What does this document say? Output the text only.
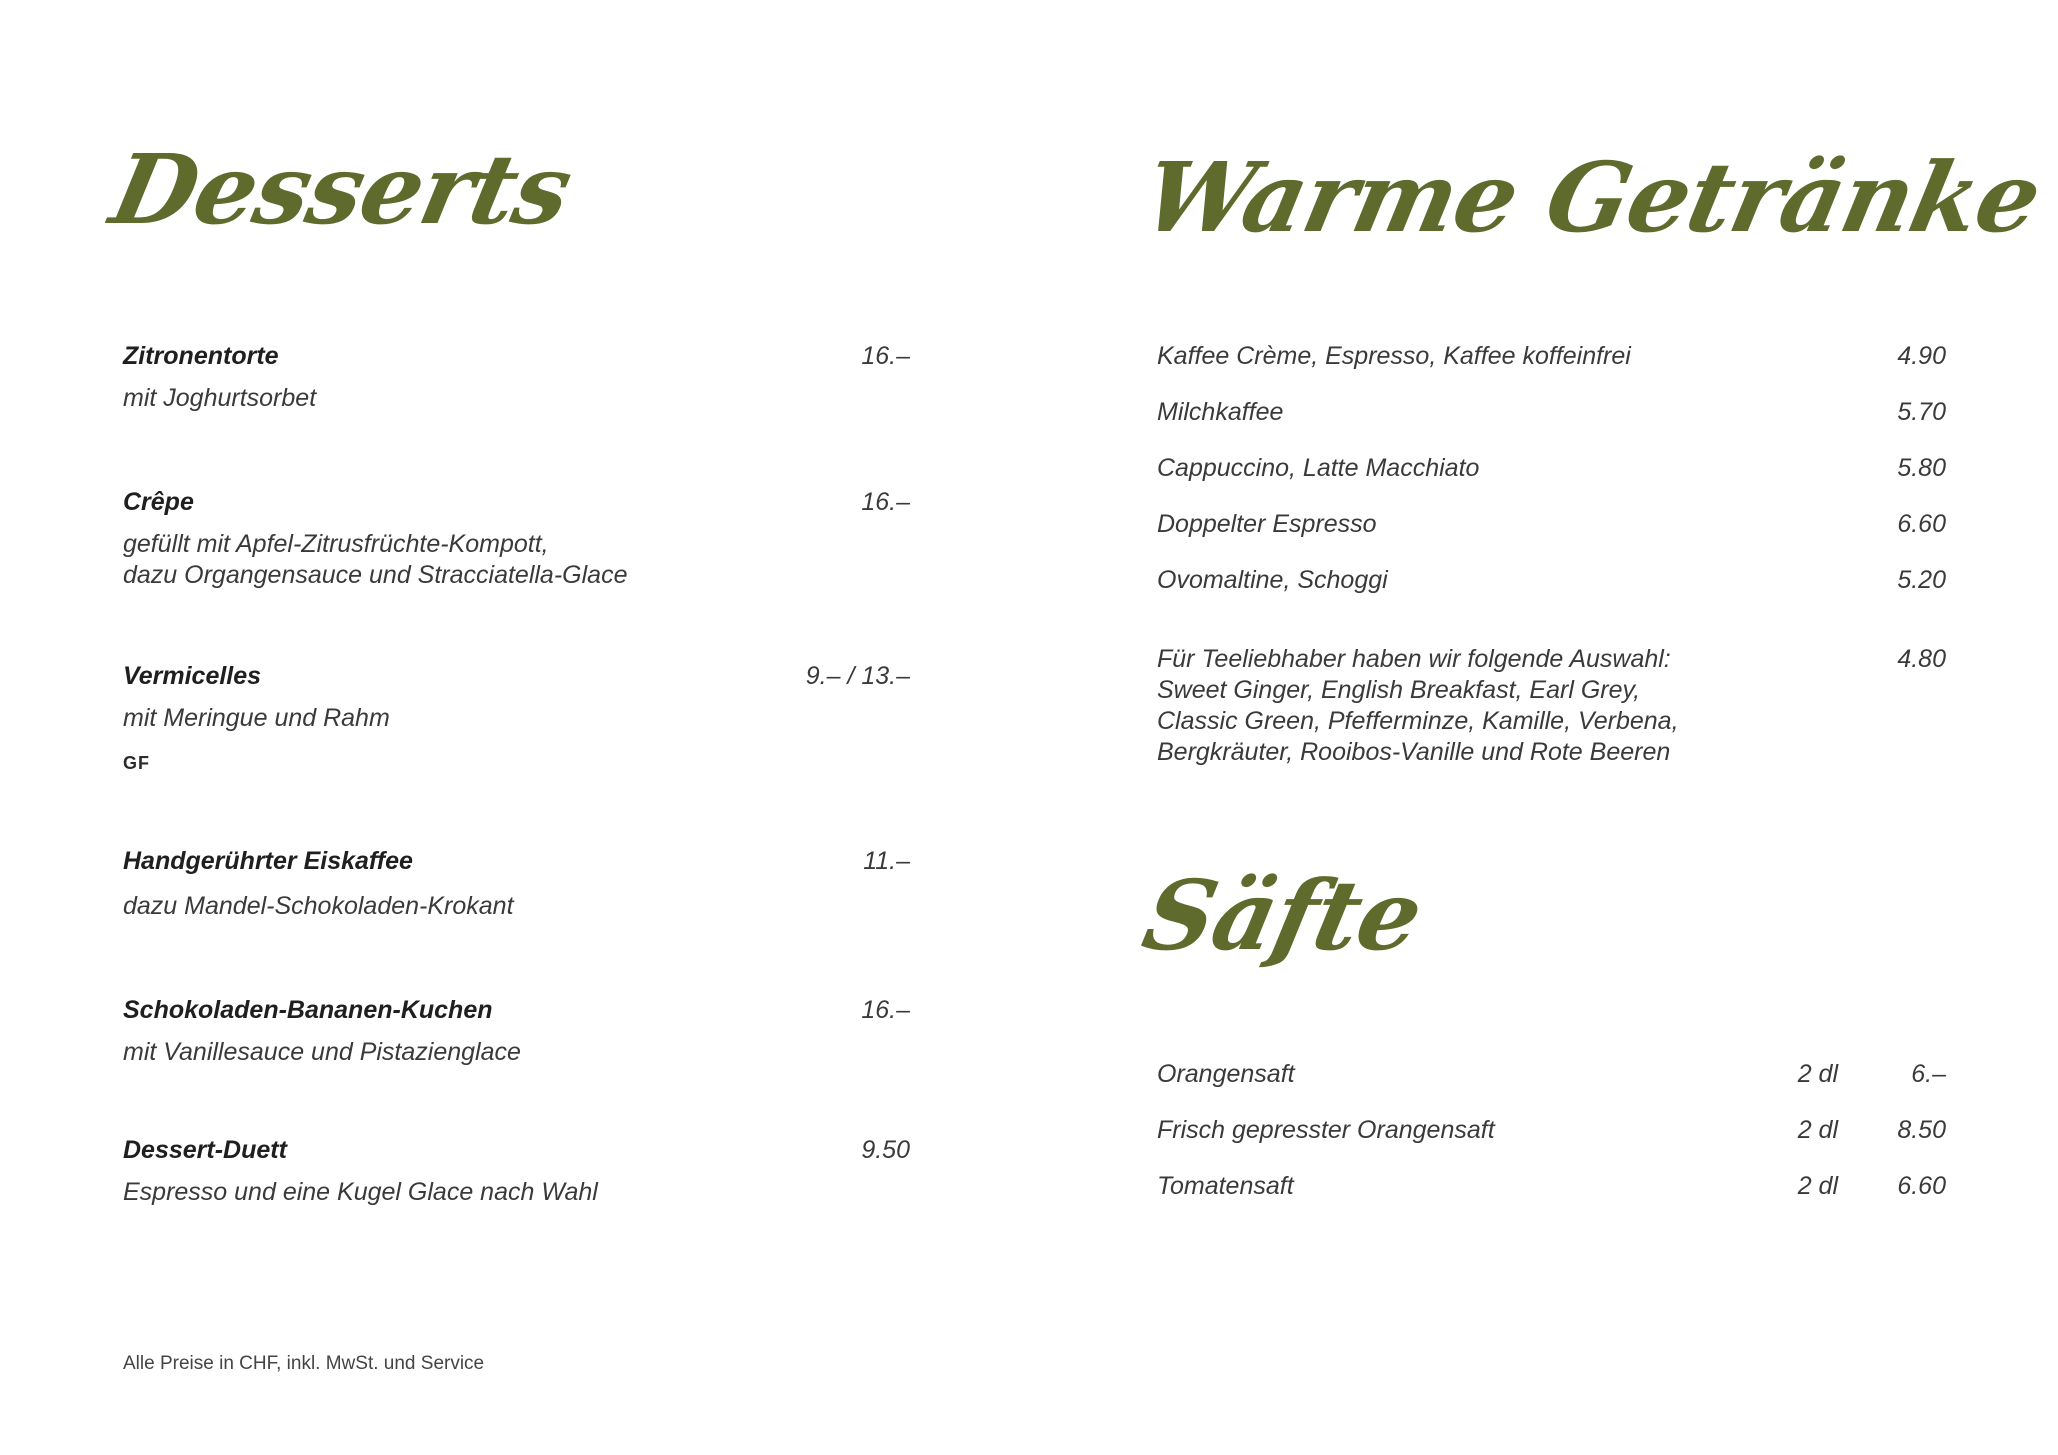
Desserts	Warme Getränke
Säfte
Zitronentorte	16.–
mit Joghurtsorbet
Crêpe	16.–
gefüllt mit Apfel-Zitrusfrüchte-Kompott,
dazu Organgensauce und Stracciatella-Glace
Vermicelles	9.– / 13.–
mit Meringue und Rahm
GF
Handgerührter Eiskaffee	11.–
dazu Mandel-Schokoladen-Krokant
Schokoladen-Bananen-Kuchen	16.–
mit Vanillesauce und Pistazienglace
Dessert-Duett	9.50
Espresso und eine Kugel Glace nach Wahl
Kaffee Crème, Espresso, Kaffee koffeinfrei	4.90
Milchkaffee	5.70
Cappuccino, Latte Macchiato	5.80
Doppelter Espresso	6.60
Ovomaltine, Schoggi	5.20
Für Teeliebhaber haben wir folgende Auswahl:	4.80
Sweet Ginger, English Breakfast, Earl Grey,
Classic Green, Pfefferminze, Kamille, Verbena,
Bergkräuter, Rooibos-Vanille und Rote Beeren
Orangensaft	2 dl	6.–
Frisch gepresster Orangensaft	2 dl 8.50
Tomatensaft	2 dl 6.60
Alle Preise in CHF, inkl. MwSt. und Service
